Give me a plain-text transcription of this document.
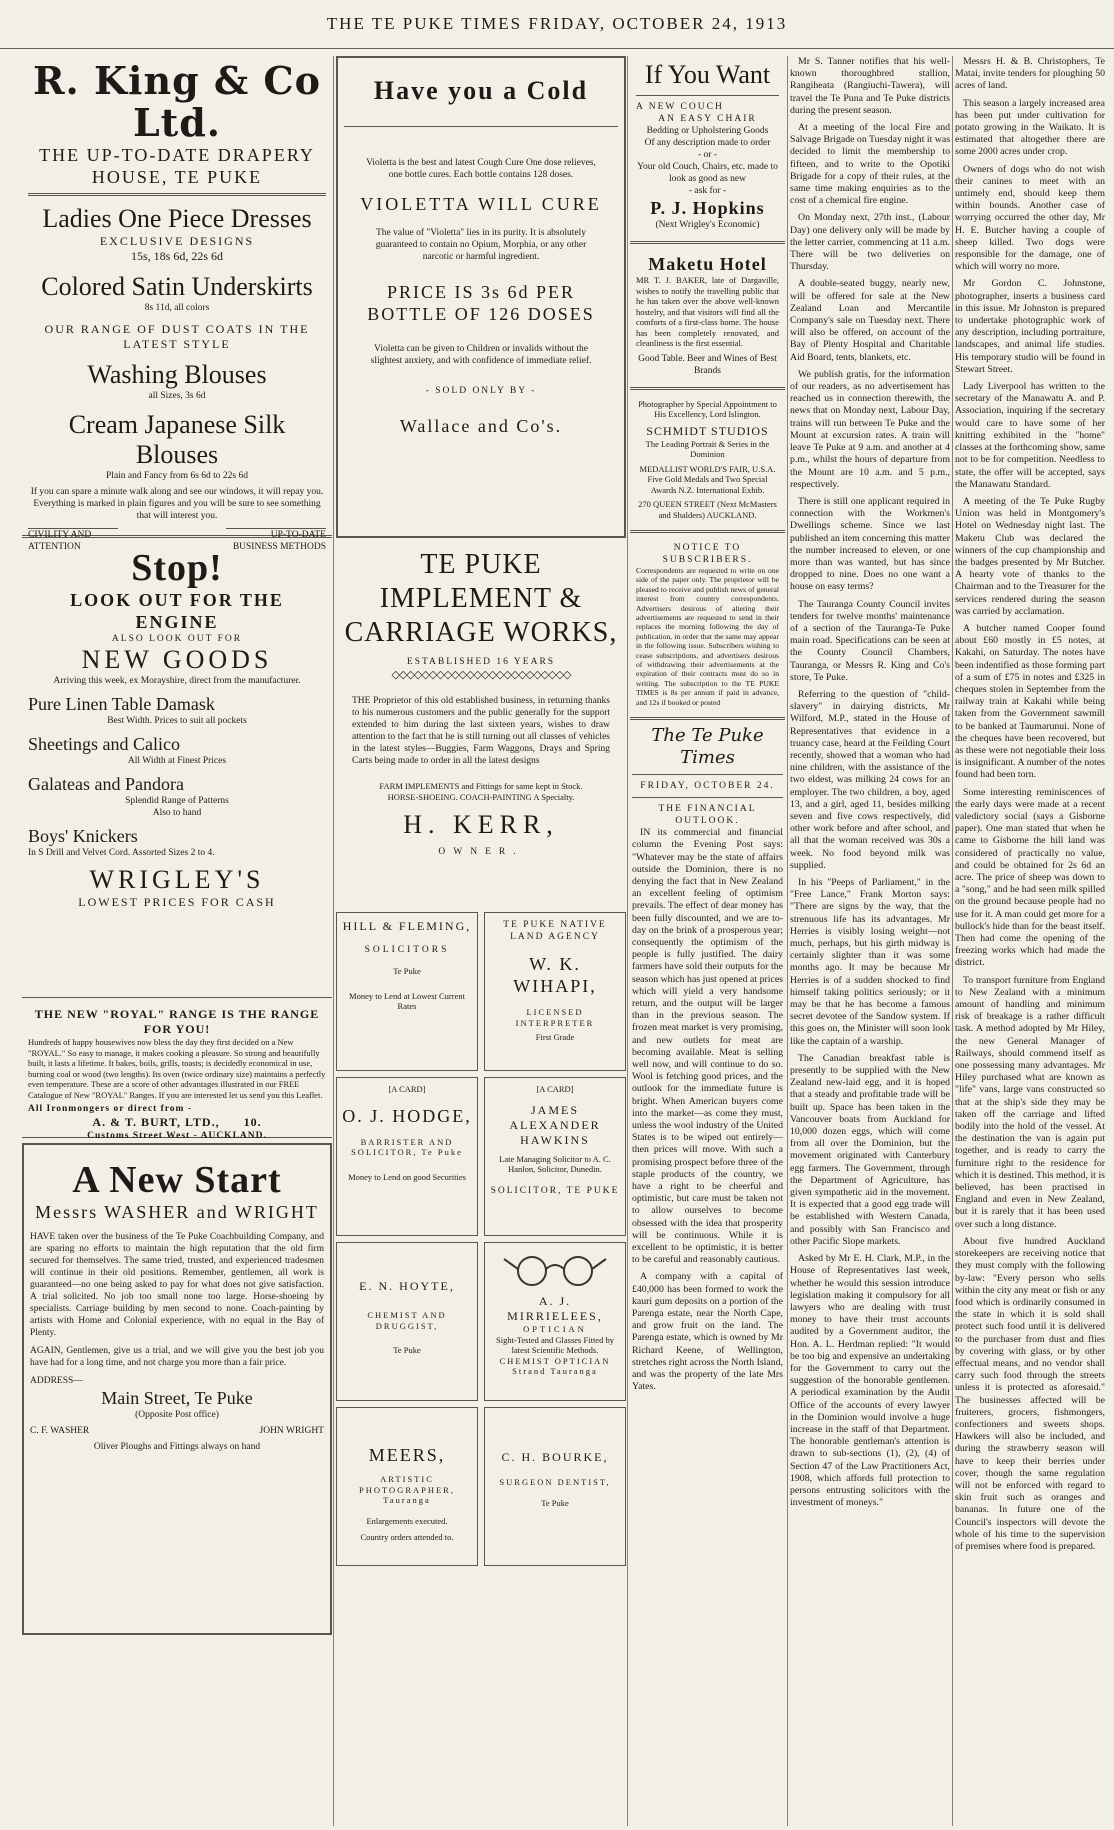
THE TE PUKE TIMES FRIDAY, OCTOBER 24, 1913
R. King & Co Ltd.
THE UP-TO-DATE DRAPERY HOUSE, TE PUKE
Ladies One Piece Dresses
EXCLUSIVE DESIGNS
15s, 18s 6d, 22s 6d
Colored Satin Underskirts
8s 11d, all colors
OUR RANGE OF DUST COATS IN THE LATEST STYLE
Washing Blouses
all Sizes, 3s 6d
Cream Japanese Silk Blouses
Plain and Fancy from 6s 6d to 22s 6d
If you can spare a minute walk along and see our windows, it will repay you. Everything is marked in plain figures and you will be sure to see something that will interest you.
CIVILITY AND ATTENTION
UP-TO-DATE BUSINESS METHODS
Stop!
LOOK OUT FOR THE ENGINE
ALSO LOOK OUT FOR
NEW GOODS
Arriving this week, ex Morayshire, direct from the manufacturer.
Pure Linen Table Damask
Best Width. Prices to suit all pockets
Sheetings and Calico
All Width at Finest Prices
Galateas and Pandora
Splendid Range of Patterns
Also to hand
Boys' Knickers
In S Drill and Velvet Cord. Assorted Sizes 2 to 4.
WRIGLEY'S
LOWEST PRICES FOR CASH
THE NEW "ROYAL" RANGE IS THE RANGE FOR YOU!
Hundreds of happy housewives now bless the day they first decided on a New "ROYAL." So easy to manage, it makes cooking a pleasure. So strong and beautifully built, it lasts a lifetime. It bakes, boils, grills, toasts; is decidedly economical in use, burning coal or wood (two lengths). Its oven (twice ordinary size) maintains a perfectly even temperature. These are a score of other advantages illustrated in our FREE Catalogue of New "ROYAL" Ranges. If you are interested let us send you this Leaflet.
All Ironmongers or direct from -
A. & T. BURT, LTD., 10.
Customs Street West - AUCKLAND.
A New Start
Messrs WASHER and WRIGHT
HAVE taken over the business of the Te Puke Coachbuilding Company, and are sparing no efforts to maintain the high reputation that the old firm secured for themselves. The same tried, trusted, and experienced tradesmen will continue in their old positions. Remember, gentlemen, all work is guaranteed—no one being asked to pay for what does not give satisfaction. A trial solicited. No job too small none too large. Horse-shoeing by specialists. Carriage building by men second to none. Coach-painting by artists with Home and Colonial experience, with no equal in the Bay of Plenty.
AGAIN, Gentlemen, give us a trial, and we will give you the best job you have had for a long time, and not charge you more than a fair price.
ADDRESS—
Main Street, Te Puke
(Opposite Post office)
C. F. WASHER	JOHN WRIGHT
Oliver Ploughs and Fittings always on hand
Have you a Cold
Violetta is the best and latest Cough Cure One dose relieves, one bottle cures. Each bottle contains 128 doses.
VIOLETTA WILL CURE
The value of "Violetta" lies in its purity. It is absolutely guaranteed to contain no Opium, Morphia, or any other narcotic or harmful ingredient.
PRICE IS 3s 6d PER BOTTLE OF 126 DOSES
Violetta can be given to Children or invalids without the slightest anxiety, and with confidence of immediate relief.
- SOLD ONLY BY -
Wallace and Co's.
TE PUKE IMPLEMENT & CARRIAGE WORKS,
ESTABLISHED 16 YEARS
◇◇◇◇◇◇◇◇◇◇◇◇◇◇◇◇◇◇◇◇◇◇◇◇
THE Proprietor of this old established business, in returning thanks to his numerous customers and the public generally for the support extended to him during the last sixteen years, wishes to draw attention to the fact that he is still turning out all classes of vehicles in the latest styles—Buggies, Farm Waggons, Drays and Spring Carts being made to order in all the latest designs
FARM IMPLEMENTS and Fittings for same kept in Stock. HORSE-SHOEING. COACH-PAINTING A Specialty.
H. KERR,
OWNER.
HILL & FLEMING,
SOLICITORS
Te Puke
Money to Lend at Lowest Current Rates
TE PUKE NATIVE LAND AGENCY
W. K. WIHAPI,
LICENSED INTERPRETER
First Grade
[A CARD]
O. J. HODGE,
BARRISTER AND SOLICITOR, Te Puke
Money to Lend on good Securities
[A CARD]
JAMES ALEXANDER HAWKINS
Late Managing Solicitor to A. C. Hanlon, Solicitor, Dunedin.
SOLICITOR, TE PUKE
E. N. HOYTE,
CHEMIST AND DRUGGIST,
Te Puke
A. J. MIRRIELEES,
OPTICIAN
Sight-Tested and Glasses Fitted by latest Scientific Methods.
CHEMIST OPTICIAN Strand Tauranga
MEERS,
ARTISTIC PHOTOGRAPHER, Tauranga
Enlargements executed.
Country orders attended to.
C. H. BOURKE,
SURGEON DENTIST,
Te Puke
If You Want
A NEW COUCH
AN EASY CHAIR
Bedding or Upholstering Goods
Of any description made to order
- or -
Your old Couch, Chairs, etc. made to look as good as new
- ask for -
P. J. Hopkins
(Next Wrigley's Economic)
Maketu Hotel
MR T. J. BAKER, late of Dargaville, wishes to notify the travelling public that he has taken over the above well-known hostelry, and that visitors will find all the comforts of a first-class home. The house has been completely renovated, and cleanliness is the first essential.
Good Table. Beer and Wines of Best Brands
Photographer by Special Appointment to His Excellency, Lord Islington.
SCHMIDT STUDIOS
The Leading Portrait & Series in the Dominion
MEDALLIST WORLD'S FAIR, U.S.A. Five Gold Medals and Two Special Awards N.Z. International Exhib.
270 QUEEN STREET (Next McMasters and Shalders) AUCKLAND.
NOTICE TO SUBSCRIBERS.
Correspondents are requested to write on one side of the paper only. The proprietor will be pleased to receive and publish news of general interest from country correspondents. Advertisers desirous of altering their advertisements are requested to send in their replaces the morning following the day of publication, in order that the same may appear in the following issue. Subscribers wishing to cease subscriptions, and advertisers desirous of withdrawing their advertisements at the expiration of their contracts must do so in writing. The subscription to the TE PUKE TIMES is 8s per annum if paid in advance, and 12s if booked or posted
The Te Puke Times
FRIDAY, OCTOBER 24.
THE FINANCIAL OUTLOOK.

IN its commercial and financial column the Evening Post says: "Whatever may be the state of affairs outside the Dominion, there is no denying the fact that in New Zealand an excellent feeling of optimism prevails. The effect of dear money has been fully discounted, and we are to-day on the brink of a prosperous year; consequently the optimism of the people is fully justified. The dairy farmers have sold their outputs for the season which has just opened at prices which will yield a very handsome return, and the output will be larger than in the previous season. The frozen meat market is very promising, and new outlets for meat are becoming available. Meat is selling well now, and will continue to do so. Wool is fetching good prices, and the outlook for the immediate future is bright. When American buyers come into the market—as come they must, unless the wool industry of the United States is to be wiped out entirely—then prices will move. With such a promising prospect before three of the staple products of the country, we have a right to be cheerful and optimistic, but care must be taken not to allow ourselves to become obsessed with the idea that prosperity will be continuous. While it is excellent to be optimistic, it is better to be careful and reasonably cautious.

A company with a capital of £40,000 has been formed to work the kauri gum deposits on a portion of the Parenga estate, near the North Cape, and grow fruit on the land. The Parenga estate, which is owned by Mr Richard Keene, of Wellington, stretches right across the North Island, and was the property of the late Mrs Yates.

Mr S. Tanner notifies that his well-known thoroughbred stallion, Rangiheata (Rangiuchi-Tawera), will travel the Te Puna and Te Puke districts during the present season.

At a meeting of the local Fire and Salvage Brigade on Tuesday night it was decided to limit the membership to fifteen, and to write to the Opotiki Brigade for a copy of their rules, at the same time making enquiries as to the cost of a chemical fire engine.

On Monday next, 27th inst., (Labour Day) one delivery only will be made by the letter carrier, commencing at 11 a.m. There will be two deliveries on Thursday.

A double-seated buggy, nearly new, will be offered for sale at the New Zealand Loan and Mercantile Company's sale on Tuesday next. There will also be offered, on account of the Bay of Plenty Hospital and Charitable Aid Board, tents, blankets, etc.

We publish gratis, for the information of our readers, as no advertisement has reached us in connection therewith, the news that on Monday next, Labour Day, trains will run between Te Puke and the Mount at excursion rates. A train will leave Te Puke at 9 a.m. and another at 4 p.m., whilst the hours of departure from the Mount are 10 a.m. and 5 p.m., respectively.

There is still one applicant required in connection with the Workmen's Dwellings scheme. Since we last published an item concerning this matter the number increased to eleven, or one more than was wanted, but has since dropped to nine. Does no one want a house on easy terms?

The Tauranga County Council invites tenders for twelve months' maintenance of a section of the Tauranga-Te Puke main road. Specifications can be seen at the County Council Chambers, Tauranga, or Messrs R. King and Co's store, Te Puke.

Referring to the question of "child-slavery" in dairying districts, Mr Wilford, M.P., stated in the House of Representatives that evidence in a truancy case, heard at the Feilding Court recently, showed that a woman who had nine children, with the assistance of the two eldest, was milking 24 cows for an employer. The two children, a boy, aged 13, and a girl, aged 11, besides milking seven and five cows respectively, did other work before and after school, and all that the woman received was 30s a week. No food beyond milk was supplied.

In his "Peeps of Parliament," in the "Free Lance," Frank Morton says: "There are signs by the way, that the strenuous life has its advantages. Mr Herries is visibly losing weight—not much, perhaps, but his girth midway is certainly slighter than it was some months ago. It may be because Mr Herries is of a sudden shocked to find himself taking politics seriously; or it may be that he has become a famous secret devotee of the Sandow system. If this goes on, the Minister will soon look like the captain of a warship.

The Canadian breakfast table is presently to be supplied with the New Zealand new-laid egg, and it is hoped that a steady and profitable trade will be built up. Space has been taken in the Vancouver boats from Auckland for 10,000 dozen eggs, which will come from all over the Dominion, but the movement originated with Canterbury egg farmers. The Government, through the Department of Agriculture, has given sympathetic aid in the movement. It is expected that a good egg trade will be established with Western Canada, and possibly with San Francisco and other Pacific Slope markets.

Asked by Mr E. H. Clark, M.P., in the House of Representatives last week, whether he would this session introduce legislation making it compulsory for all lawyers who are dealing with trust money to have their trust accounts audited by a Government auditor, the Hon. A. L. Herdman replied: "It would be too big and expensive an undertaking for the Government to carry out the suggestion of the honorable gentlemen. A periodical examination by the Audit Office of the accounts of every lawyer in the Dominion would involve a huge increase in the staff of that Department. The honorable gentleman's attention is drawn to sub-sections (1), (2), (4) of Section 47 of the Law Practitioners Act, 1908, which affords full protection to persons entrusting solicitors with the investment of moneys."

Messrs H. & B. Christophers, Te Matai, invite tenders for ploughing 50 acres of land.

This season a largely increased area has been put under cultivation for potato growing in the Waikato. It is estimated that altogether there are some 2000 acres under crop.

Owners of dogs who do not wish their canines to meet with an untimely end, should keep them within bounds. Another case of worrying occurred the other day, Mr H. E. Butcher having a couple of sheep killed. Two dogs were responsible for the damage, one of which will worry no more.

Mr Gordon C. Johnstone, photographer, inserts a business card in this issue. Mr Johnston is prepared to undertake photographic work of any description, including portraiture, landscapes, and animal life studies. His temporary studio will be found in Stewart Street.

Lady Liverpool has written to the secretary of the Manawatu A. and P. Association, inquiring if the secretary would care to have some of her knitting exhibited in the "home" classes at the forthcoming show, same not to be for competition. Needless to state, the offer will be accepted, says the Manawatu Standard.

A meeting of the Te Puke Rugby Union was held in Montgomery's Hotel on Wednesday night last. The Maketu Club was declared the winners of the cup championship and the badges presented by Mr Butcher. A hearty vote of thanks to the Chairman and to the Treasurer for the services rendered during the season was carried by acclamation.

A butcher named Cooper found about £60 mostly in £5 notes, at Kakahi, on Saturday. The notes have been indentified as those forming part of a sum of £75 in notes and £325 in cheques stolen in September from the railway train at Kakahi while being taken from the Government sawmill to be banked at Taumarunui. None of the cheques have been recovered, but as these were not negotiable their loss is insignificant. A number of the notes found had been torn.

Some interesting reminiscences of the early days were made at a recent valedictory social (says a Gisborne paper). One man stated that when he came to Gisborne the hill land was considered of practically no value, and could be obtained for 2s 6d an acre. The price of sheep was down to a "song," and he had seen milk spilled on the ground because people had no use for it. A man could get more for a bullock's hide than for the beast itself. Then had come the opening of the freezing works which had made the district.

To transport furniture from England to New Zealand with a minimum amount of handling and minimum risk of breakage is a rather difficult task. A method adopted by Mr Hiley, the new General Manager of Railways, should commend itself as one possessing many advantages. Mr Hiley purchased what are known as "life" vans, large vans constructed so that at the ship's side they may be taken off the carriage and lifted bodily into the hold of the vessel. At the destination the van is again put together, and is ready to carry the furniture right to the residence for which it is destined. This method, it is believed, has been practised in England and even in New Zealand, but it is rarely that it has been used over such a long distance.

About five hundred Auckland storekeepers are receiving notice that they must comply with the following by-law: "Every person who sells within the city any meat or fish or any food which is ordinarily consumed in the state in which it is sold shall protect such food until it is delivered to the purchaser from dust and flies by covering with glass, or by other effectual means, and no vendor shall carry such food through the streets unless it is protected as aforesaid." The businesses affected will be fruiterers, grocers, fishmongers, confectioners and sweets shops. Hawkers will also be included, and during the strawberry season will have to keep their berries under cover, though the same regulation will not be enforced with regard to skin fruit such as oranges and bananas. In future one of the Council's inspectors will devote the whole of his time to the supervision of premises where food is prepared.
